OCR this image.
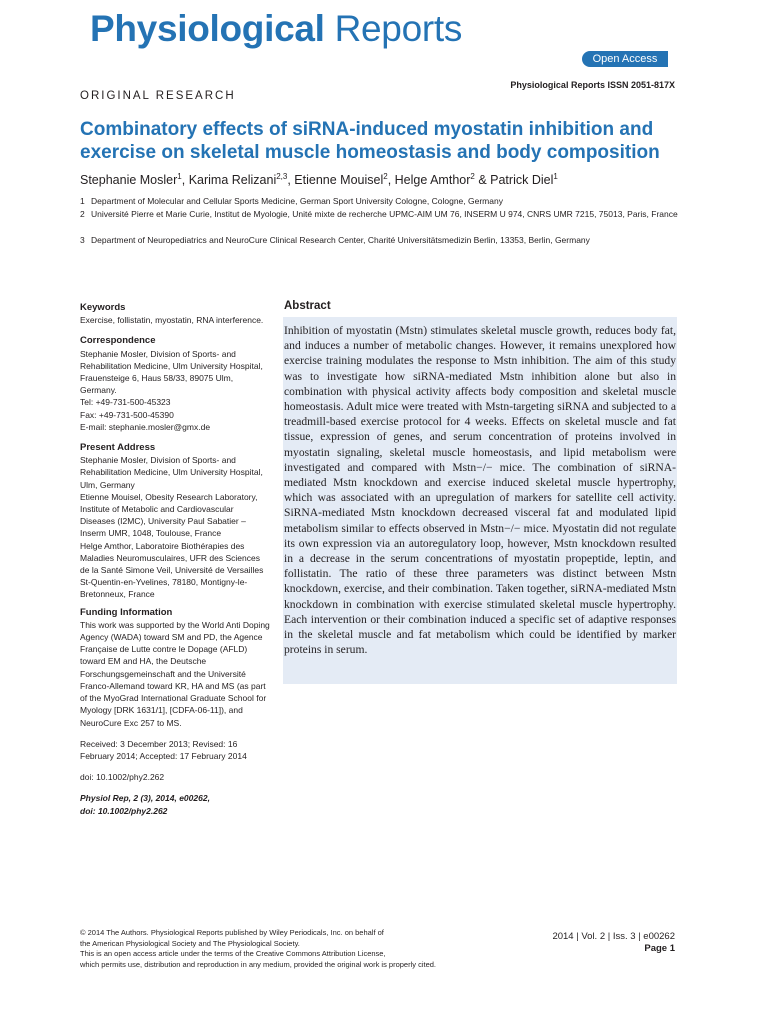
Physiological Reports
Open Access
Physiological Reports ISSN 2051-817X
ORIGINAL RESEARCH
Combinatory effects of siRNA-induced myostatin inhibition and exercise on skeletal muscle homeostasis and body composition
Stephanie Mosler$^1$, Karima Relizani$^{2,3}$, Etienne Mouisel$^2$, Helge Amthor$^2$ & Patrick Diel$^1$
1 Department of Molecular and Cellular Sports Medicine, German Sport University Cologne, Cologne, Germany
2 Université Pierre et Marie Curie, Institut de Myologie, Unité mixte de recherche UPMC-AIM UM 76, INSERM U 974, CNRS UMR 7215, 75013, Paris, France
3 Department of Neuropediatrics and NeuroCure Clinical Research Center, Charité Universitätsmedizin Berlin, 13353, Berlin, Germany
Keywords

Exercise, follistatin, myostatin, RNA interference.

Correspondence

Stephanie Mosler, Division of Sports- and Rehabilitation Medicine, Ulm University Hospital, Frauensteige 6, Haus 58/33, 89075 Ulm, Germany.

Tel: +49-731-500-45323

Fax: +49-731-500-45390

E-mail: stephanie.mosler@gmx.de

Present Address

Stephanie Mosler, Division of Sports- and Rehabilitation Medicine, Ulm University Hospital, Ulm, Germany

Etienne Mouisel, Obesity Research Laboratory, Institute of Metabolic and Cardiovascular Diseases (I2MC), University Paul Sabatier – Inserm UMR, 1048, Toulouse, France

Helge Amthor, Laboratoire Biothérapies des Maladies Neuromusculaires, UFR des Sciences de la Santé Simone Veil, Université de Versailles St-Quentin-en-Yvelines, 78180, Montigny-le-Bretonneux, France

Funding Information

This work was supported by the World Anti Doping Agency (WADA) toward SM and PD, the Agence Française de Lutte contre le Dopage (AFLD) toward EM and HA, the Deutsche Forschungsgemeinschaft and the Université Franco-Allemand toward KR, HA and MS (as part of the MyoGrad International Graduate School for Myology [DRK 1631/1], [CDFA-06-11]), and NeuroCure Exc 257 to MS.

Received: 3 December 2013; Revised: 16 February 2014; Accepted: 17 February 2014

doi: 10.1002/phy2.262

Physiol Rep, 2 (3), 2014, e00262,

doi: 10.1002/phy2.262

Abstract

Inhibition of myostatin (Mstn) stimulates skeletal muscle growth, reduces body fat, and induces a number of metabolic changes. However, it remains unexplored how exercise training modulates the response to Mstn inhibition. The aim of this study was to investigate how siRNA-mediated Mstn inhibition alone but also in combination with physical activity affects body composition and skeletal muscle homeostasis. Adult mice were treated with Mstn-targeting siRNA and subjected to a treadmill-based exercise protocol for 4 weeks. Effects on skeletal muscle and fat tissue, expression of genes, and serum concentration of proteins involved in myostatin signaling, skeletal muscle homeostasis, and lipid metabolism were investigated and compared with Mstn−/− mice. The combination of siRNA-mediated Mstn knockdown and exercise induced skeletal muscle hypertrophy, which was associated with an upregulation of markers for satellite cell activity. SiRNA-mediated Mstn knockdown decreased visceral fat and modulated lipid metabolism similar to effects observed in Mstn−/− mice. Myostatin did not regulate its own expression via an autoregulatory loop, however, Mstn knockdown resulted in a decrease in the serum concentrations of myostatin propeptide, leptin, and follistatin. The ratio of these three parameters was distinct between Mstn knockdown, exercise, and their combination. Taken together, siRNA-mediated Mstn knockdown in combination with exercise stimulated skeletal muscle hypertrophy. Each intervention or their combination induced a specific set of adaptive responses in the skeletal muscle and fat metabolism which could be identified by marker proteins in serum.

© 2014 The Authors. Physiological Reports published by Wiley Periodicals, Inc. on behalf of
the American Physiological Society and The Physiological Society.
This is an open access article under the terms of the Creative Commons Attribution License,
which permits use, distribution and reproduction in any medium, provided the original work is properly cited.
2014 | Vol. 2 | Iss. 3 | e00262
Page 1
